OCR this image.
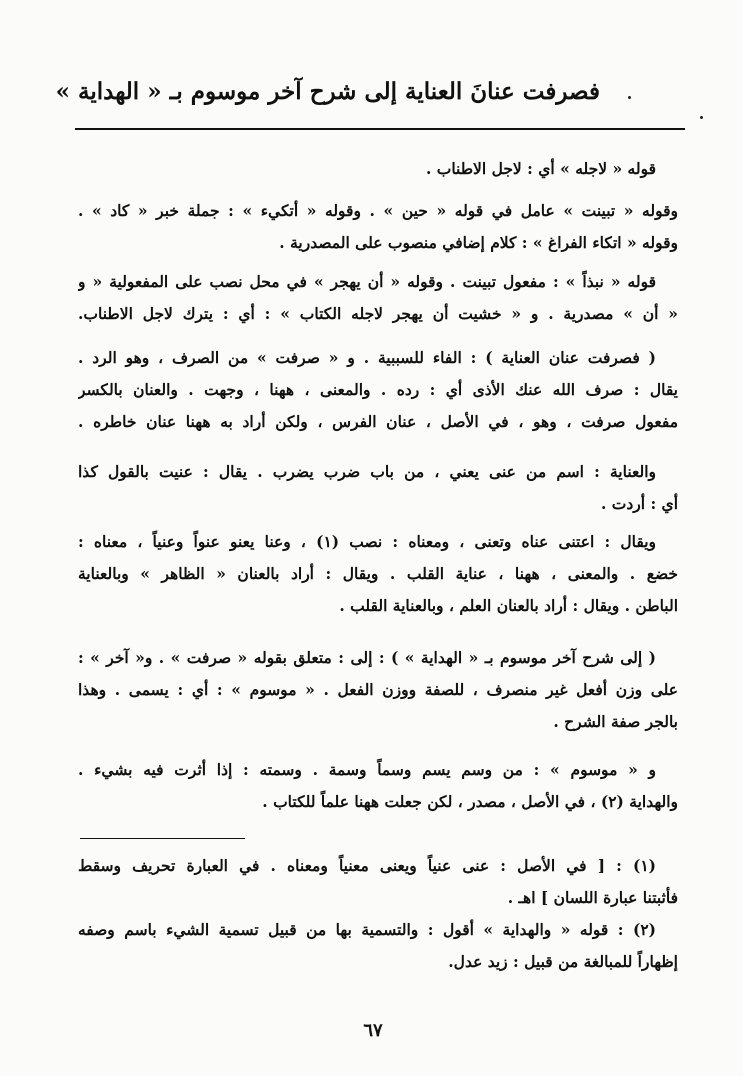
فصرفت عنانَ العناية إلى شرح آخر موسوم بـ « الهداية »
قوله « لاجله » أي : لاجل الاطناب .
وقوله « تبينت » عامل في قوله « حين » . وقوله « أتكيء » : جملة خبر « كاد » .
وقوله « اتكاء الفراغ » : كلام إضافي منصوب على المصدرية .
قوله « نبذاً » : مفعول تبينت . وقوله « أن يهجر » في محل نصب على المفعولية « و
« أن » مصدرية . و « خشيت أن يهجر لاجله الكتاب » : أي : يترك لاجل الاطناب.
( فصرفت عنان العناية ) : الفاء للسببية . و « صرفت » من الصرف ، وهو الرد .
يقال : صرف الله عنك الأذى أي : رده . والمعنى ، ههنا ، وجهت . والعنان بالكسر
مفعول صرفت ، وهو ، في الأصل ، عنان الفرس ، ولكن أراد به ههنا عنان خاطره .
والعناية : اسم من عنى يعني ، من باب ضرب يضرب . يقال : عنيت بالقول كذا
أي : أردت .
ويقال : اعتنى عناه وتعنى ، ومعناه : نصب (١) ، وعنا يعنو عنواً وعنياً ، معناه :
خضع . والمعنى ، ههنا ، عناية القلب . ويقال : أراد بالعنان « الظاهر » وبالعناية
الباطن . ويقال : أراد بالعنان العلم ، وبالعناية القلب .
( إلى شرح آخر موسوم بـ « الهداية » ) : إلى : متعلق بقوله « صرفت » . و« آخر » :
على وزن أفعل غير منصرف ، للصفة ووزن الفعل . « موسوم » : أي : يسمى . وهذا
بالجر صفة الشرح .
و « موسوم » : من وسم يسم وسماً وسمة . وسمته : إذا أثرت فيه بشيء .
والهداية (٢) ، في الأصل ، مصدر ، لكن جعلت ههنا علماً للكتاب .
(١) : [ في الأصل : عنى عنياً ويعنى معنياً ومعناه . في العبارة تحريف وسقط
فأثبتنا عبارة اللسان ] اهـ .
(٢) : قوله « والهداية » أقول : والتسمية بها من قبيل تسمية الشيء باسم وصفه
إظهاراً للمبالغة من قبيل : زيد عدل.
٦٧
